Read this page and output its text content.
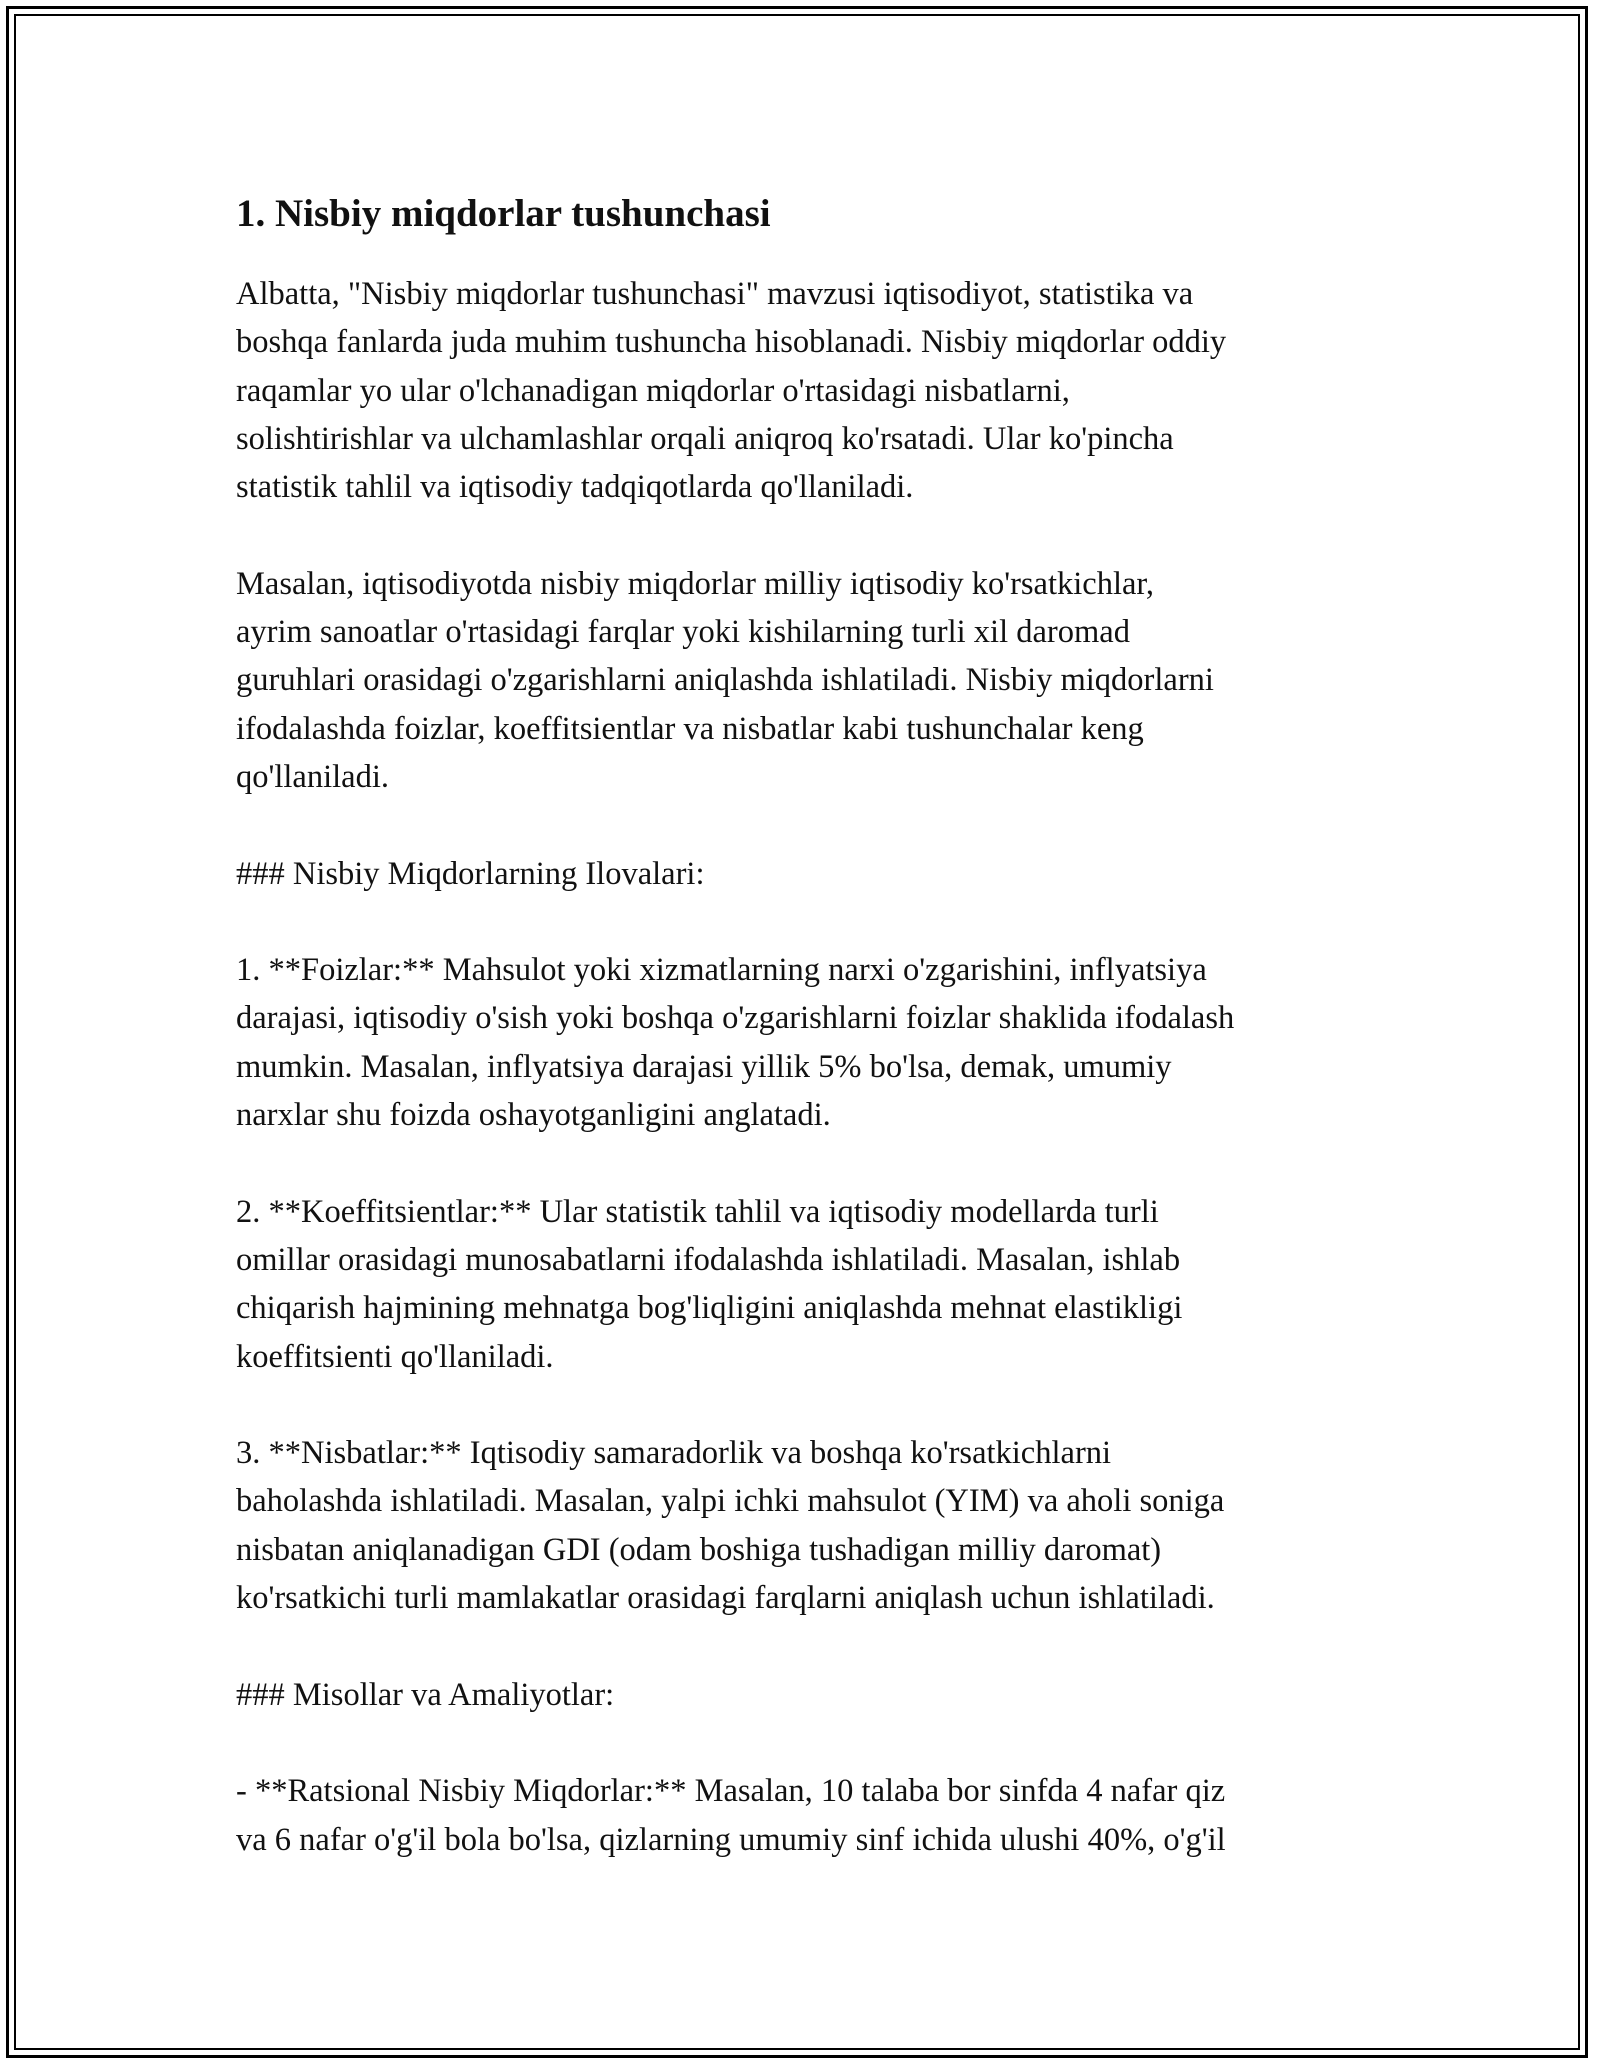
1. Nisbiy miqdorlar tushunchasi

Albatta, "Nisbiy miqdorlar tushunchasi" mavzusi iqtisodiyot, statistika va

boshqa fanlarda juda muhim tushuncha hisoblanadi. Nisbiy miqdorlar oddiy

raqamlar yo ular o'lchanadigan miqdorlar o'rtasidagi nisbatlarni,

solishtirishlar va ulchamlashlar orqali aniqroq ko'rsatadi. Ular ko'pincha

statistik tahlil va iqtisodiy tadqiqotlarda qo'llaniladi.

Masalan, iqtisodiyotda nisbiy miqdorlar milliy iqtisodiy ko'rsatkichlar,

ayrim sanoatlar o'rtasidagi farqlar yoki kishilarning turli xil daromad

guruhlari orasidagi o'zgarishlarni aniqlashda ishlatiladi. Nisbiy miqdorlarni

ifodalashda foizlar, koeffitsientlar va nisbatlar kabi tushunchalar keng

qo'llaniladi.

### Nisbiy Miqdorlarning Ilovalari:

1. **Foizlar:** Mahsulot yoki xizmatlarning narxi o'zgarishini, inflyatsiya

darajasi, iqtisodiy o'sish yoki boshqa o'zgarishlarni foizlar shaklida ifodalash

mumkin. Masalan, inflyatsiya darajasi yillik 5% bo'lsa, demak, umumiy

narxlar shu foizda oshayotganligini anglatadi.

2. **Koeffitsientlar:** Ular statistik tahlil va iqtisodiy modellarda turli

omillar orasidagi munosabatlarni ifodalashda ishlatiladi. Masalan, ishlab

chiqarish hajmining mehnatga bog'liqligini aniqlashda mehnat elastikligi

koeffitsienti qo'llaniladi.

3. **Nisbatlar:** Iqtisodiy samaradorlik va boshqa ko'rsatkichlarni

baholashda ishlatiladi. Masalan, yalpi ichki mahsulot (YIM) va aholi soniga

nisbatan aniqlanadigan GDI (odam boshiga tushadigan milliy daromat)

ko'rsatkichi turli mamlakatlar orasidagi farqlarni aniqlash uchun ishlatiladi.

### Misollar va Amaliyotlar:

- **Ratsional Nisbiy Miqdorlar:** Masalan, 10 talaba bor sinfda 4 nafar qiz

va 6 nafar o'g'il bola bo'lsa, qizlarning umumiy sinf ichida ulushi 40%, o'g'il
